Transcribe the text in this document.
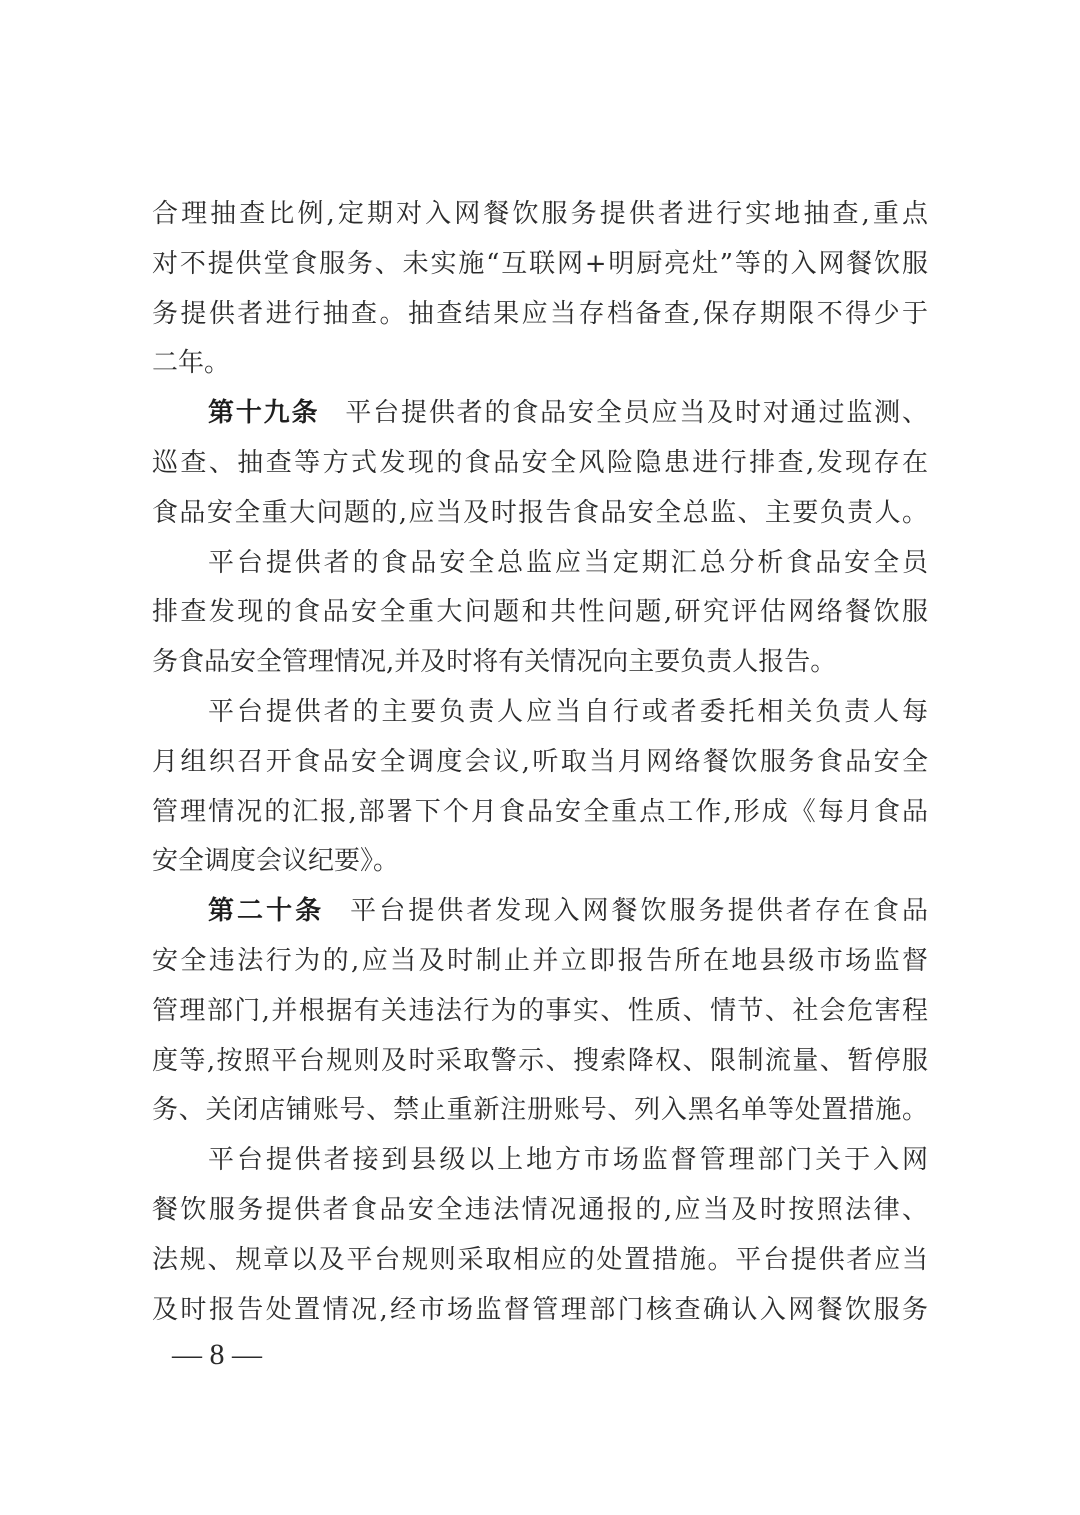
合理抽查比例,定期对入网餐饮服务提供者进行实地抽查,重点
对不提供堂食服务、未实施“互联网+明厨亮灶”等的入网餐饮服
务提供者进行抽查。抽查结果应当存档备查,保存期限不得少于
二年。
第十九条 平台提供者的食品安全员应当及时对通过监测、
巡查、抽查等方式发现的食品安全风险隐患进行排查,发现存在
食品安全重大问题的,应当及时报告食品安全总监、主要负责人。
平台提供者的食品安全总监应当定期汇总分析食品安全员
排查发现的食品安全重大问题和共性问题,研究评估网络餐饮服
务食品安全管理情况,并及时将有关情况向主要负责人报告。
平台提供者的主要负责人应当自行或者委托相关负责人每
月组织召开食品安全调度会议,听取当月网络餐饮服务食品安全
管理情况的汇报,部署下个月食品安全重点工作,形成《每月食品
安全调度会议纪要》。
第二十条 平台提供者发现入网餐饮服务提供者存在食品
安全违法行为的,应当及时制止并立即报告所在地县级市场监督
管理部门,并根据有关违法行为的事实、性质、情节、社会危害程
度等,按照平台规则及时采取警示、搜索降权、限制流量、暂停服
务、关闭店铺账号、禁止重新注册账号、列入黑名单等处置措施。
平台提供者接到县级以上地方市场监督管理部门关于入网
餐饮服务提供者食品安全违法情况通报的,应当及时按照法律、
法规、规章以及平台规则采取相应的处置措施。平台提供者应当
及时报告处置情况,经市场监督管理部门核查确认入网餐饮服务
— 8 —
